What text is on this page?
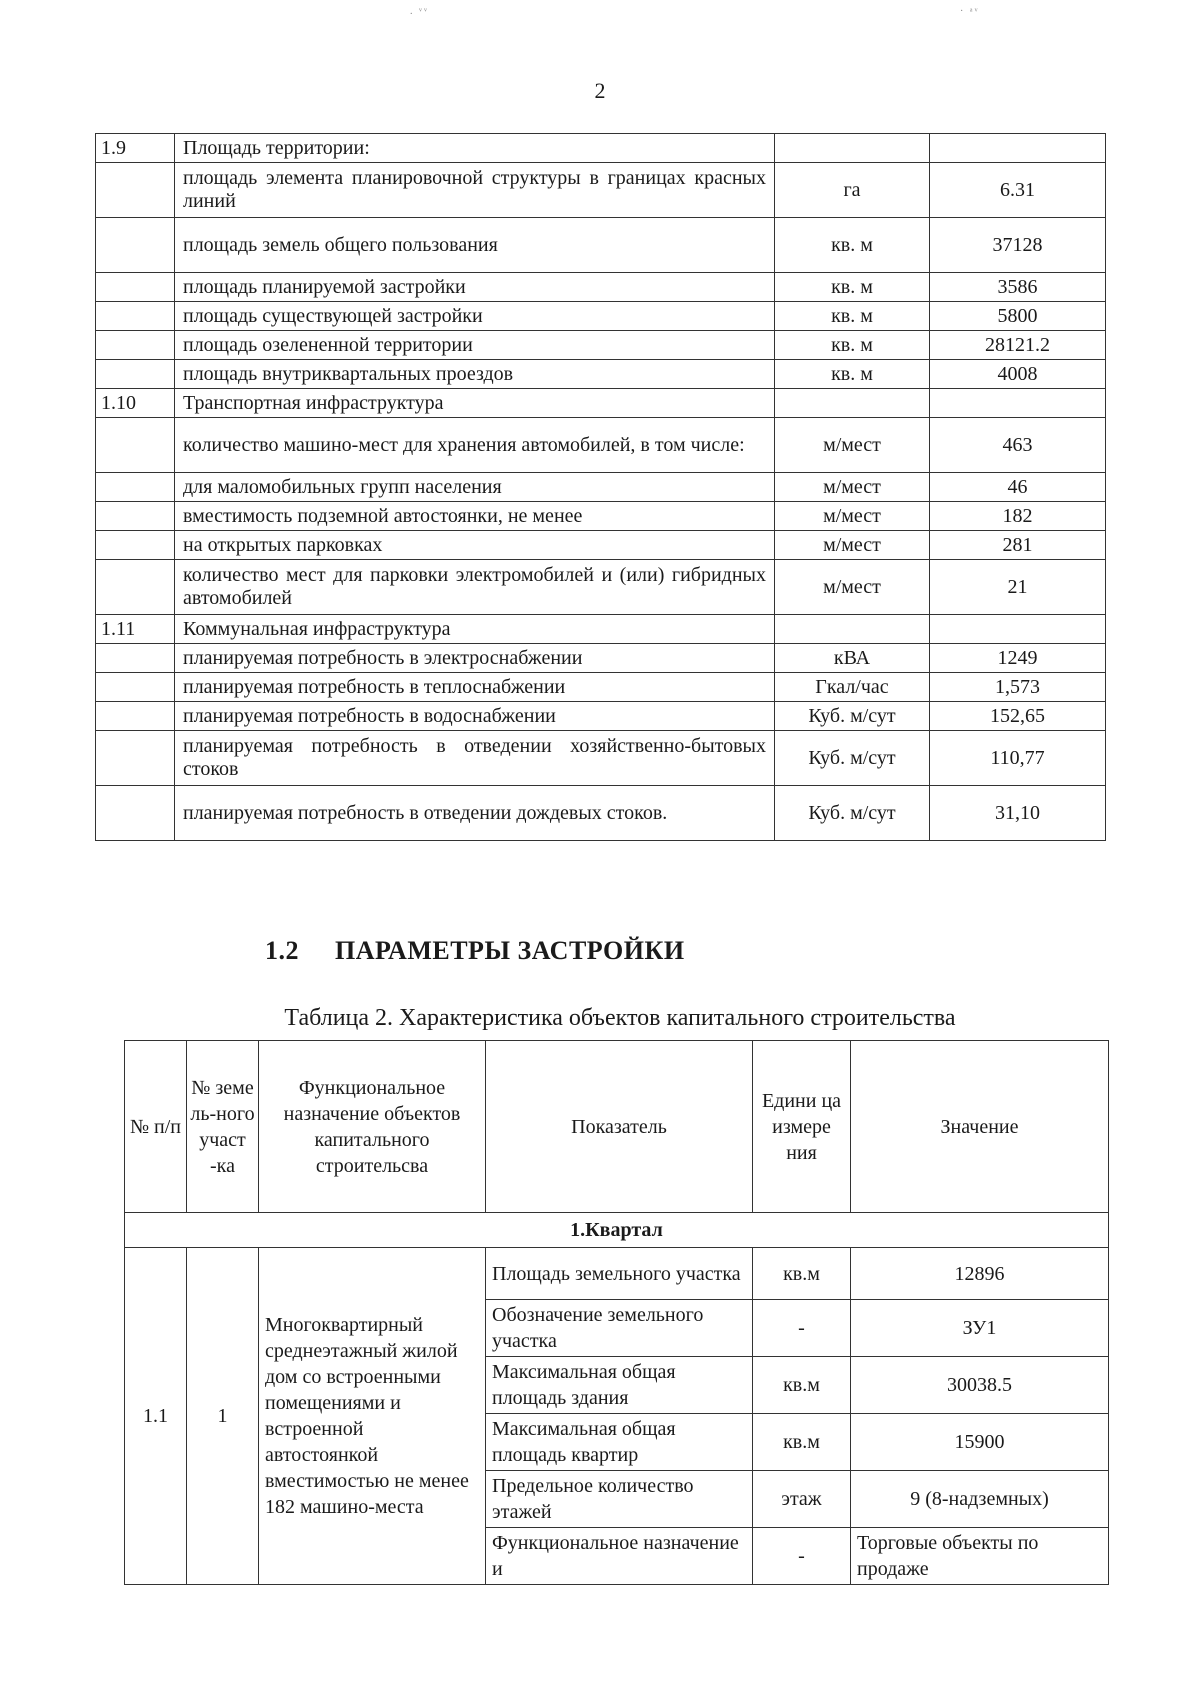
. ᵛᵛ	· ᵃᵛ
2
1.9	Площадь территории:		
	площадь элемента планировочной структуры в границах красных линий	га	6.31
	площадь земель общего пользования	кв. м	37128
	площадь планируемой застройки	кв. м	3586
	площадь существующей застройки	кв. м	5800
	площадь озелененной территории	кв. м	28121.2
	площадь внутриквартальных проездов	кв. м	4008
1.10	Транспортная инфраструктура		
	количество машино-мест для хранения автомобилей, в том числе:	м/мест	463
	для маломобильных групп населения	м/мест	46
	вместимость подземной автостоянки, не менее	м/мест	182
	на открытых парковках	м/мест	281
	количество мест для парковки электромобилей и (или) гибридных автомобилей	м/мест	21
1.11	Коммунальная инфраструктура		
	планируемая потребность в электроснабжении	кВА	1249
	планируемая потребность в теплоснабжении	Гкал/час	1,573
	планируемая потребность в водоснабжении	Куб. м/сут	152,65
	планируемая потребность в отведении хозяйственно-бытовых стоков	Куб. м/сут	110,77
	планируемая потребность в отведении дождевых стоков.	Куб. м/сут	31,10
1.2 ПАРАМЕТРЫ ЗАСТРОЙКИ
Таблица 2. Характеристика объектов капитального строительства
№ п/п	№ земе ль-ного участ -ка	Функциональное назначение объектов капитального строительсва	Показатель	Едини ца измере ния	Значение
1.Квартал					
1.1	1	Многоквартирный среднеэтажный жилой дом со встроенными помещениями и встроенной автостоянкой вместимостью не менее 182 машино-места	Площадь земельного участка	кв.м	12896
			Обозначение земельного участка	-	ЗУ1
			Максимальная общая площадь здания	кв.м	30038.5
			Максимальная общая площадь квартир	кв.м	15900
			Предельное количество этажей	этаж	9 (8-надземных)
			Функциональное назначение и	-	Торговые объекты по продаже
